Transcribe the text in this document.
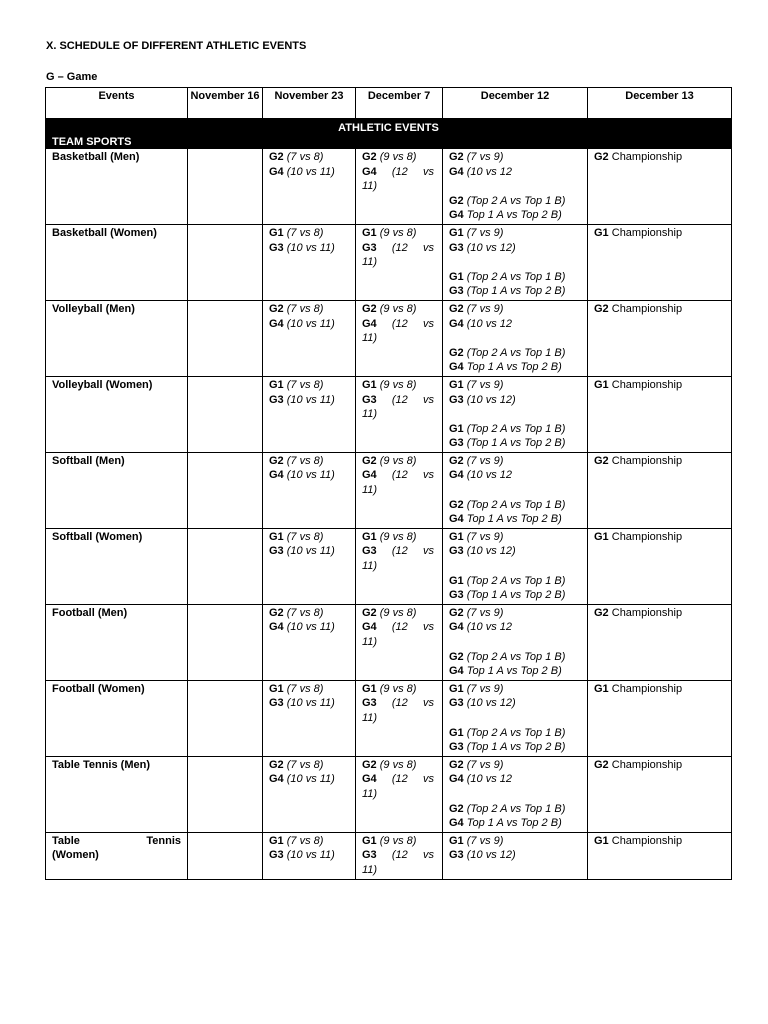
X. SCHEDULE OF DIFFERENT ATHLETIC EVENTS
G – Game
Events	November 16	November 23	December 7	December 12	December 13

ATHLETIC EVENTS
TEAM SPORTS					

Basketball (Men)		G2 (7 vs 8)
G4 (10 vs 11)	G2 (9 vs 8)
G4 (12 vs
11)	G2 (7 vs 9)
G4 (10 vs 12
G2 (Top 2 A vs Top 1 B)
G4 Top 1 A vs Top 2 B)	G2 Championship

Basketball (Women)		G1 (7 vs 8)
G3 (10 vs 11)	G1 (9 vs 8)
G3 (12 vs
11)	G1 (7 vs 9)
G3 (10 vs 12)
G1 (Top 2 A vs Top 1 B)
G3 (Top 1 A vs Top 2 B)	G1 Championship

Volleyball (Men)		G2 (7 vs 8)
G4 (10 vs 11)	G2 (9 vs 8)
G4 (12 vs
11)	G2 (7 vs 9)
G4 (10 vs 12
G2 (Top 2 A vs Top 1 B)
G4 Top 1 A vs Top 2 B)	G2 Championship

Volleyball (Women)		G1 (7 vs 8)
G3 (10 vs 11)	G1 (9 vs 8)
G3 (12 vs
11)	G1 (7 vs 9)
G3 (10 vs 12)
G1 (Top 2 A vs Top 1 B)
G3 (Top 1 A vs Top 2 B)	G1 Championship

Softball (Men)		G2 (7 vs 8)
G4 (10 vs 11)	G2 (9 vs 8)
G4 (12 vs
11)	G2 (7 vs 9)
G4 (10 vs 12
G2 (Top 2 A vs Top 1 B)
G4 Top 1 A vs Top 2 B)	G2 Championship

Softball (Women)		G1 (7 vs 8)
G3 (10 vs 11)	G1 (9 vs 8)
G3 (12 vs
11)	G1 (7 vs 9)
G3 (10 vs 12)
G1 (Top 2 A vs Top 1 B)
G3 (Top 1 A vs Top 2 B)	G1 Championship

Football (Men)		G2 (7 vs 8)
G4 (10 vs 11)	G2 (9 vs 8)
G4 (12 vs
11)	G2 (7 vs 9)
G4 (10 vs 12
G2 (Top 2 A vs Top 1 B)
G4 Top 1 A vs Top 2 B)	G2 Championship

Football (Women)		G1 (7 vs 8)
G3 (10 vs 11)	G1 (9 vs 8)
G3 (12 vs
11)	G1 (7 vs 9)
G3 (10 vs 12)
G1 (Top 2 A vs Top 1 B)
G3 (Top 1 A vs Top 2 B)	G1 Championship

Table Tennis (Men)		G2 (7 vs 8)
G4 (10 vs 11)	G2 (9 vs 8)
G4 (12 vs
11)	G2 (7 vs 9)
G4 (10 vs 12
G2 (Top 2 A vs Top 1 B)
G4 Top 1 A vs Top 2 B)	G2 Championship

Table Tennis
(Women)		G1 (7 vs 8)
G3 (10 vs 11)	G1 (9 vs 8)
G3 (12 vs
11)	G1 (7 vs 9)
G3 (10 vs 12)	G1 Championship
